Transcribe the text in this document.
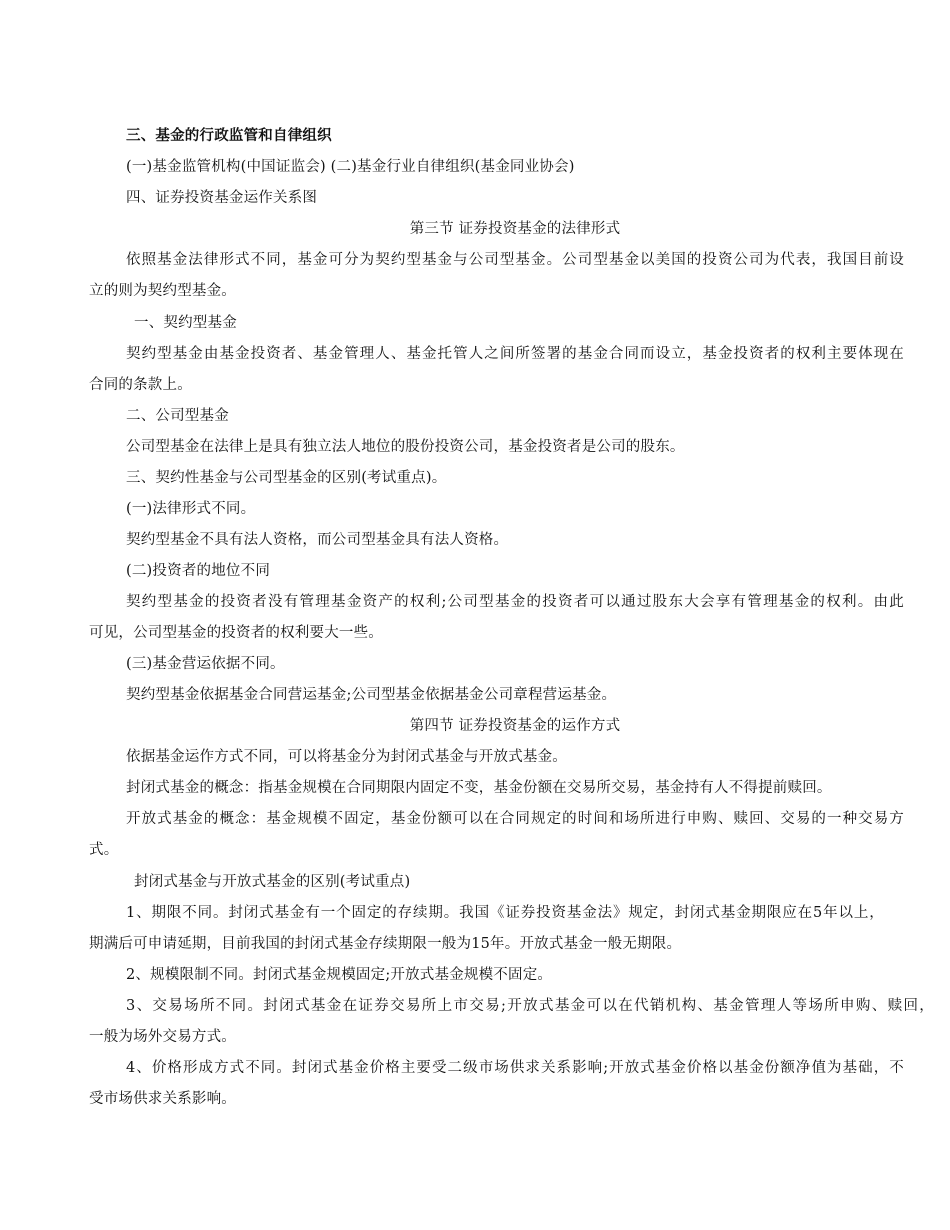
三、基金的行政监管和自律组织
(一)基金监管机构(中国证监会) (二)基金行业自律组织(基金同业协会)
四、证券投资基金运作关系图
第三节 证券投资基金的法律形式
依照基金法律形式不同，基金可分为契约型基金与公司型基金。公司型基金以美国的投资公司为代表，我国目前设
立的则为契约型基金。
一、契约型基金
契约型基金由基金投资者、基金管理人、基金托管人之间所签署的基金合同而设立，基金投资者的权利主要体现在
合同的条款上。
二、公司型基金
公司型基金在法律上是具有独立法人地位的股份投资公司，基金投资者是公司的股东。
三、契约性基金与公司型基金的区别(考试重点)。
(一)法律形式不同。
契约型基金不具有法人资格，而公司型基金具有法人资格。
(二)投资者的地位不同
契约型基金的投资者没有管理基金资产的权利;公司型基金的投资者可以通过股东大会享有管理基金的权利。由此
可见，公司型基金的投资者的权利要大一些。
(三)基金营运依据不同。
契约型基金依据基金合同营运基金;公司型基金依据基金公司章程营运基金。
第四节 证券投资基金的运作方式
依据基金运作方式不同，可以将基金分为封闭式基金与开放式基金。
封闭式基金的概念：指基金规模在合同期限内固定不变，基金份额在交易所交易，基金持有人不得提前赎回。
开放式基金的概念：基金规模不固定，基金份额可以在合同规定的时间和场所进行申购、赎回、交易的一种交易方
式。
封闭式基金与开放式基金的区别(考试重点)
1、期限不同。封闭式基金有一个固定的存续期。我国《证券投资基金法》规定，封闭式基金期限应在5年以上，
期满后可申请延期，目前我国的封闭式基金存续期限一般为15年。开放式基金一般无期限。
2、规模限制不同。封闭式基金规模固定;开放式基金规模不固定。
3、交易场所不同。封闭式基金在证券交易所上市交易;开放式基金可以在代销机构、基金管理人等场所申购、赎回，
一般为场外交易方式。
4、价格形成方式不同。封闭式基金价格主要受二级市场供求关系影响;开放式基金价格以基金份额净值为基础，不
受市场供求关系影响。
